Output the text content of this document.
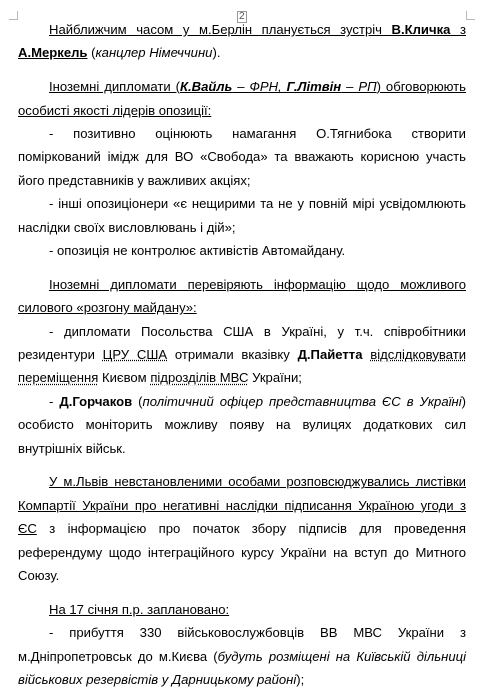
2

Найближчим часом у м.Берлін планується зустріч В.Кличка з А.Меркель (канцлер Німеччини).

Іноземні дипломати (К.Вайль – ФРН, Г.Літвін – РП) обговорюють особисті якості лідерів опозиції:

- позитивно оцінюють намагання О.Тягнибока створити помірковaний імідж для ВО «Свобода» та вважають корисною участь його представників у важливих акціях;

- інші опозиціонери «є нещирими та не у повній мірі усвідомлюють наслідки своїх висловлювань і дій»;

- опозиція не контролює активістів Автомайдану.

Іноземні дипломати перевіряють інформацію щодо можливого силового «розгону майдану»:

- дипломати Посольства США в Україні, у т.ч. співробітники резидентури ЦРУ США отримали вказівку Д.Пайетта відслідковувати переміщення Києвом підрозділів МВС України;

- Д.Горчаков (політичний офіцер представництва ЄС в Україні) особисто моніторить можливу появу на вулицях додаткових сил внутрішніх військ.

У м.Львів невстановленими особами розповсюджувались листівки Компартії України про негативні наслідки підписання Україною угоди з ЄС з інформацією про початок збору підписів для проведення референдуму щодо інтеграційного курсу України на вступ до Митного Союзу.

На 17 січня п.р. заплановано:

- прибуття 330 військовослужбовців ВВ МВС України з м.Дніпропетровськ до м.Києва (будуть розміщені на Київській дільниці військових резервістів у Дарницькому районі);
